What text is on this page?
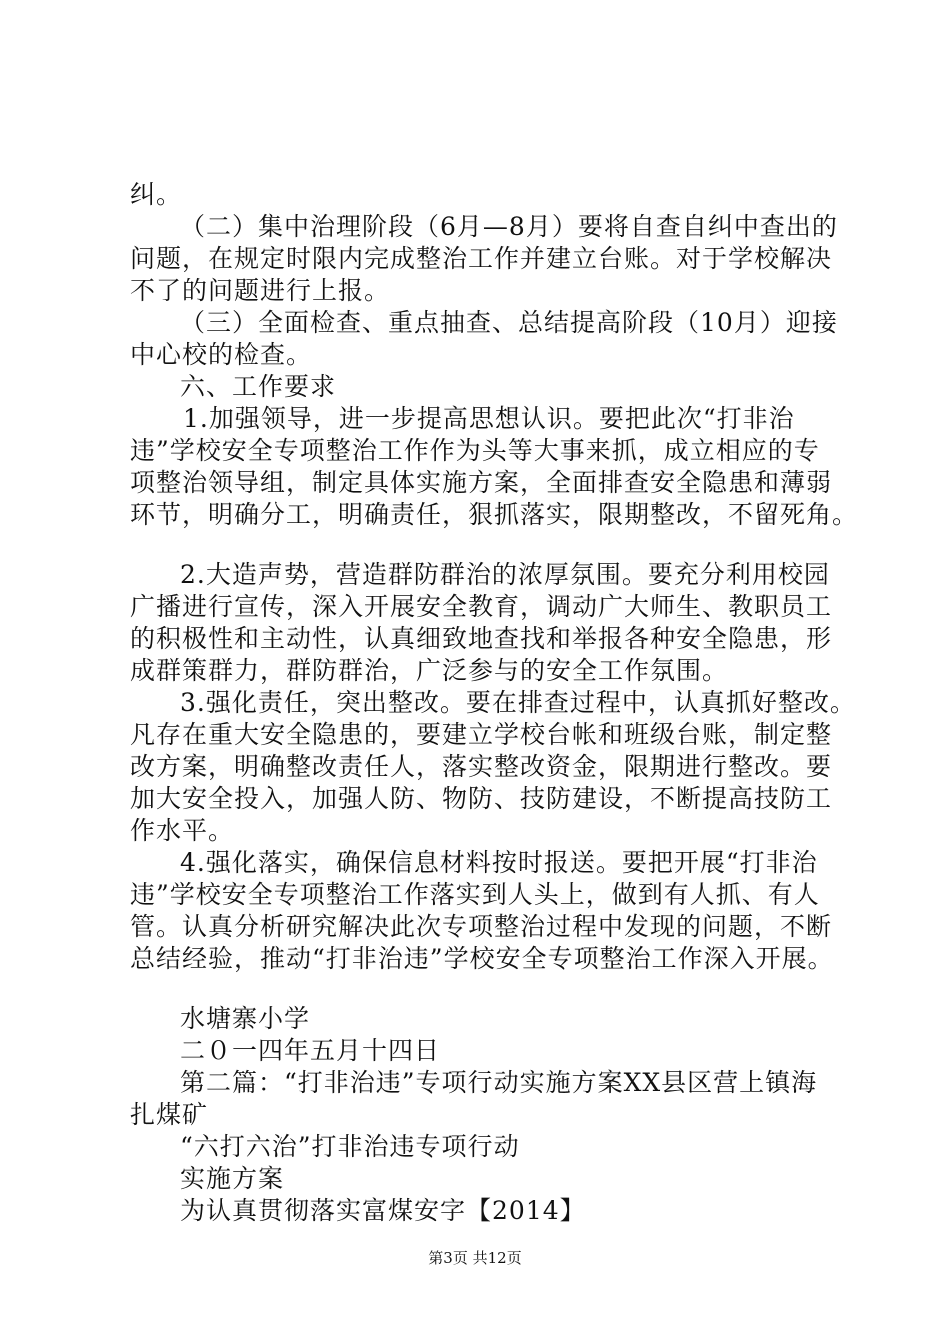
纠。
（二）集中治理阶段（6月—8月）要将自查自纠中查出的
问题，在规定时限内完成整治工作并建立台账。对于学校解决
不了的问题进行上报。
（三）全面检查、重点抽查、总结提高阶段（10月）迎接
中心校的检查。
六、工作要求
1.加强领导，进一步提高思想认识。要把此次“打非治
违”学校安全专项整治工作作为头等大事来抓，成立相应的专
项整治领导组，制定具体实施方案，全面排查安全隐患和薄弱
环节，明确分工，明确责任，狠抓落实，限期整改，不留死角。
2.大造声势，营造群防群治的浓厚氛围。要充分利用校园
广播进行宣传，深入开展安全教育，调动广大师生、教职员工
的积极性和主动性，认真细致地查找和举报各种安全隐患，形
成群策群力，群防群治，广泛参与的安全工作氛围。
3.强化责任，突出整改。要在排查过程中，认真抓好整改。
凡存在重大安全隐患的，要建立学校台帐和班级台账，制定整
改方案，明确整改责任人，落实整改资金，限期进行整改。要
加大安全投入，加强人防、物防、技防建设，不断提高技防工
作水平。
4.强化落实，确保信息材料按时报送。要把开展“打非治
违”学校安全专项整治工作落实到人头上，做到有人抓、有人
管。认真分析研究解决此次专项整治过程中发现的问题，不断
总结经验，推动“打非治违”学校安全专项整治工作深入开展。
水塘寨小学
二０一四年五月十四日
第二篇：“打非治违”专项行动实施方案XX县区营上镇海
扎煤矿
“六打六治”打非治违专项行动
实施方案
为认真贯彻落实富煤安字【2014】
第3页 共12页
